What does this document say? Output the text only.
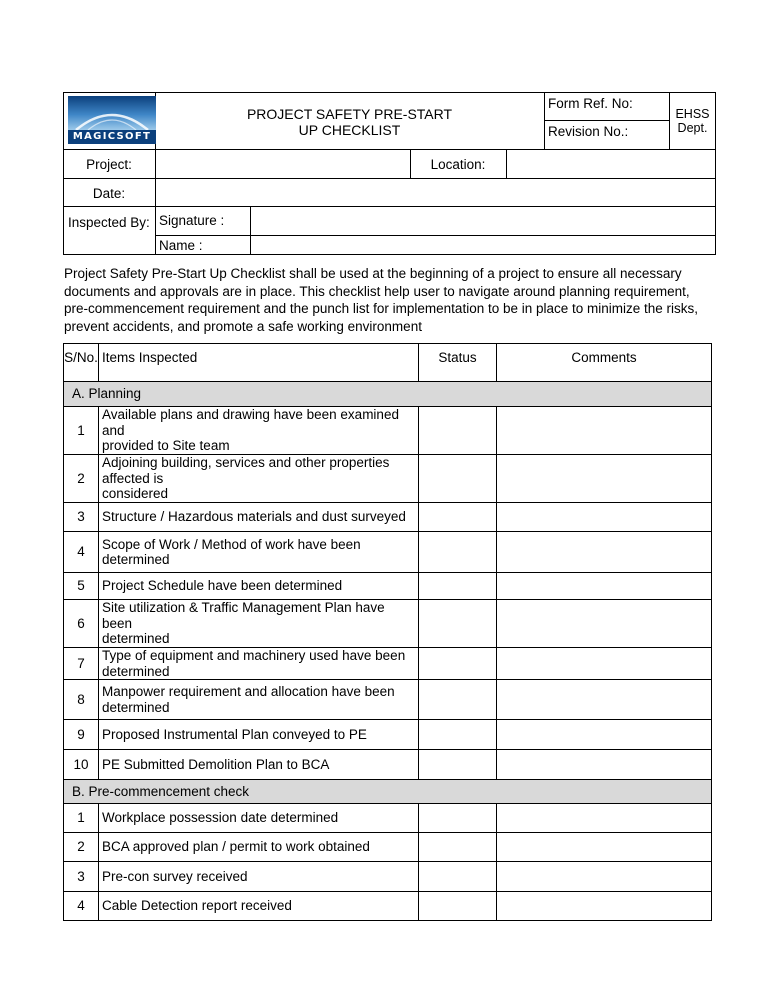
MAGICSOFT
PROJECT SAFETY PRE-START
UP CHECKLIST
Form Ref. No:
Revision No.:
EHSS
Dept.
Project:	Location:
Date:
Inspected By: Signature :
Name :
Project Safety Pre-Start Up Checklist shall be used at the beginning of a project to ensure all necessary documents and approvals are in place. This checklist help user to navigate around planning requirement, pre-commencement requirement and the punch list for implementation to be in place to minimize the risks, prevent accidents, and promote a safe working environment
S/No.	Items Inspected	Status	Comments
A. Planning			
1	Available plans and drawing have been examined and
provided to Site team		
2	Adjoining building, services and other properties affected is
considered		
3	Structure / Hazardous materials and dust surveyed		
4	Scope of Work / Method of work have been determined		
5	Project Schedule have been determined		
6	Site utilization & Traffic Management Plan have been
determined		
7	Type of equipment and machinery used have been determined		
8	Manpower requirement and allocation have been determined		
9	Proposed Instrumental Plan conveyed to PE		
10	PE Submitted Demolition Plan to BCA		
B. Pre-commencement check			
1	Workplace possession date determined		
2	BCA approved plan / permit to work obtained		
3	Pre-con survey received		
4	Cable Detection report received		
